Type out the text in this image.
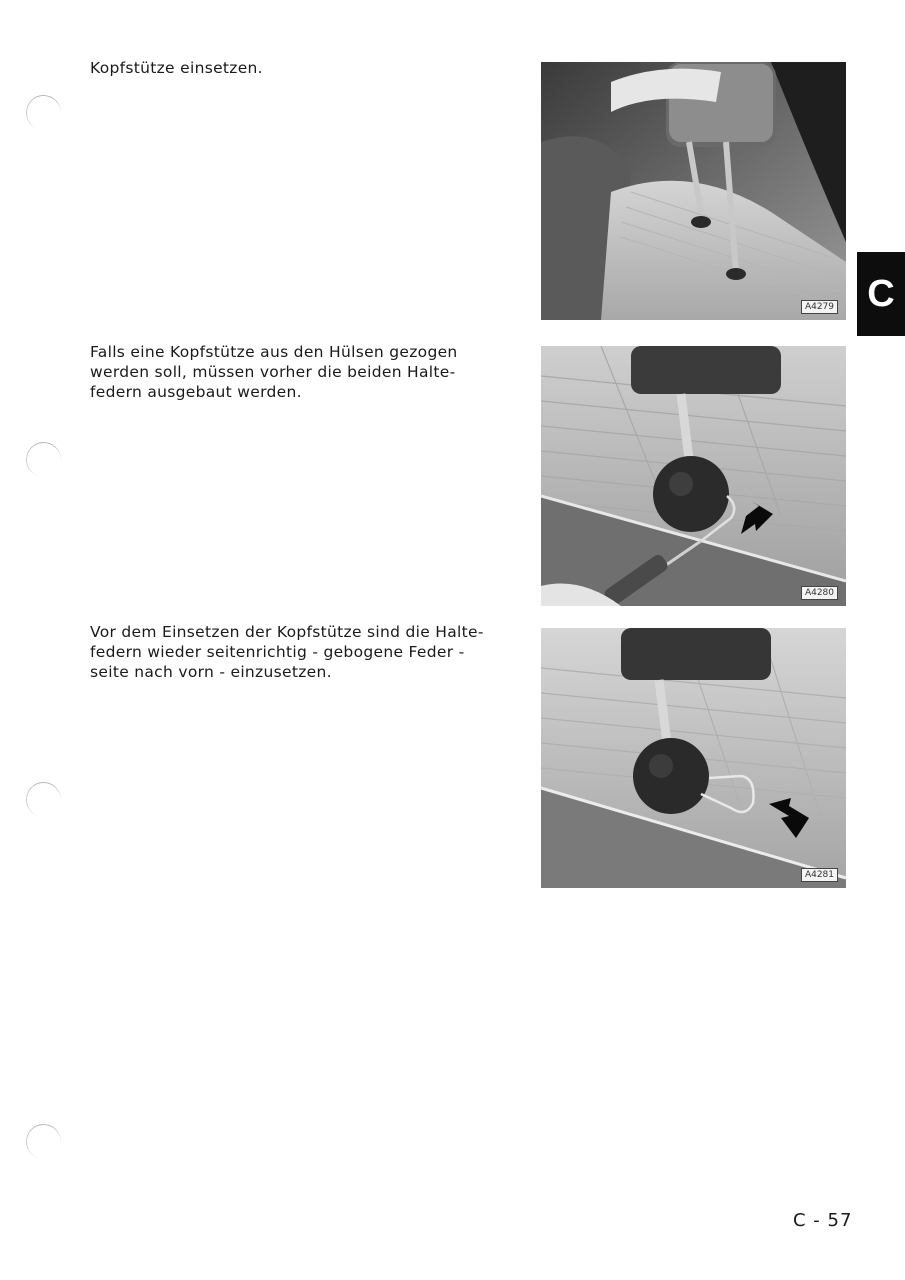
Kopfstütze einsetzen.
A4279 C
Falls eine Kopfstütze aus den Hülsen gezogen
werden soll, müssen vorher die beiden Halte-
federn ausgebaut werden.
A4280
Vor dem Einsetzen der Kopfstütze sind die Halte-
federn wieder seitenrichtig - gebogene Feder -
seite nach vorn - einzusetzen.
A4281
C - 57
